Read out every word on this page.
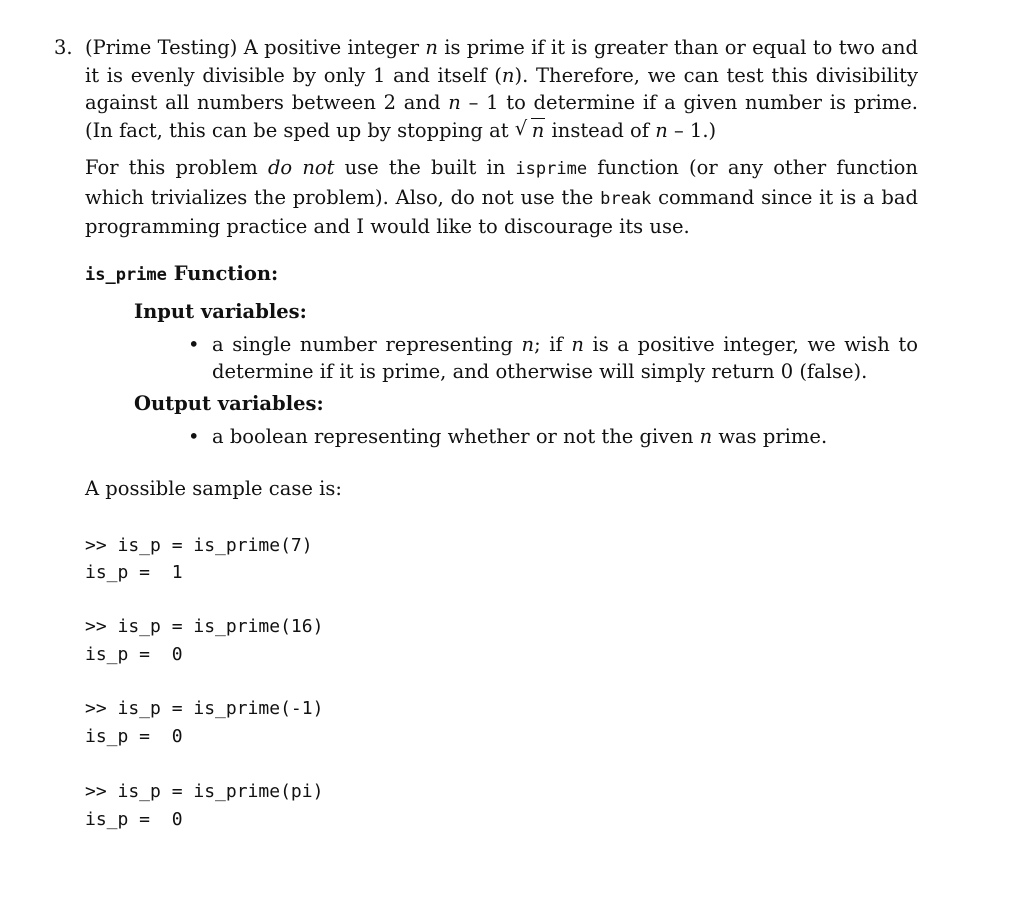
3. (Prime Testing) A positive integer n is prime if it is greater than or equal to two and it is evenly divisible by only 1 and itself (n). Therefore, we can test this divisibility against all numbers between 2 and n – 1 to determine if a given number is prime. (In fact, this can be sped up by stopping at √ n instead of n – 1.)

For this problem do not use the built in isprime function (or any other function which trivializes the problem). Also, do not use the break command since it is a bad programming practice and I would like to discourage its use.

is_prime Function:
Input variables:
• a single number representing n; if n is a positive integer, we wish to determine if it is prime, and otherwise will simply return 0 (false).
Output variables:
• a boolean representing whether or not the given n was prime.
A possible sample case is:
>> is_p = is_prime(7)
is_p =  1
>> is_p = is_prime(16)
is_p =  0
>> is_p = is_prime(-1)
is_p =  0
>> is_p = is_prime(pi)
is_p =  0
